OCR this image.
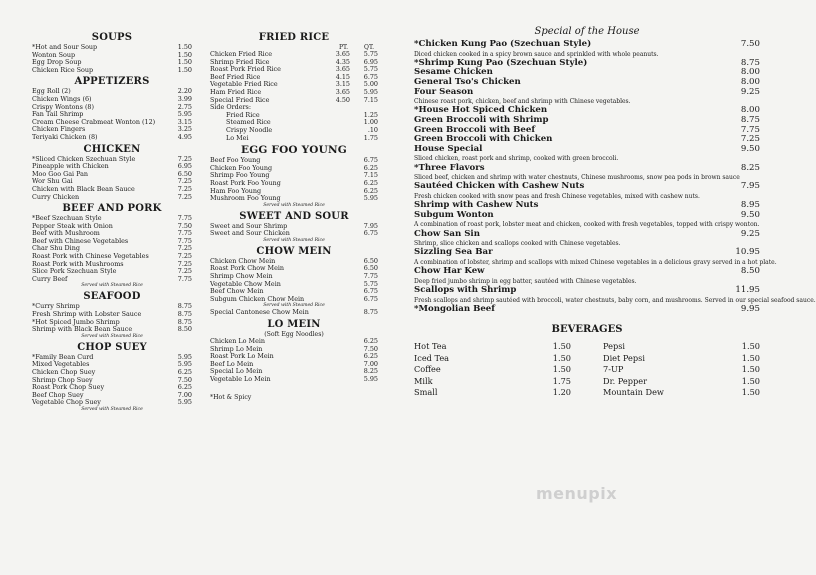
SOUPS
*Hot and Sour Soup	1.50
Wonton Soup	1.50
Egg Drop Soup	1.50
Chicken Rice Soup	1.50
APPETIZERS
Egg Roll (2)	2.20
Chicken Wings (6)	3.99
Crispy Wontons (8)	2.75
Fan Tail Shrimp	5.95
Cream Cheese Crabmeat Wonton (12)	3.15
Chicken Fingers	3.25
Teriyaki Chicken (8)	4.95
CHICKEN
*Sliced Chicken Szechuan Style	7.25
Pineapple with Chicken	6.95
Moo Goo Gai Pan	6.50
Wor Shu Gai	7.25
Chicken with Black Bean Sauce	7.25
Curry Chicken	7.25
BEEF AND PORK
*Beef Szechuan Style	7.75
Pepper Steak with Onion	7.50
Beef with Mushroom	7.75
Beef with Chinese Vegetables	7.75
Char Shu Ding	7.25
Roast Pork with Chinese Vegetables	7.25
Roast Pork with Mushrooms	7.25
Slice Pork Szechuan Style	7.25
Curry Beef	7.75
Served with Steamed Rice
SEAFOOD
*Curry Shrimp	8.75
Fresh Shrimp with Lobster Sauce	8.75
*Hot Spiced Jumbo Shrimp	8.75
Shrimp with Black Bean Sauce	8.50
Served with Steamed Rice
CHOP SUEY
*Family Bean Curd	5.95
Mixed Vegetables	5.95
Chicken Chop Suey	6.25
Shrimp Chop Suey	7.50
Roast Pork Chop Suey	6.25
Beef Chop Suey	7.00
Vegetable Chop Suey	5.95
Served with Steamed Rice
FRIED RICE
PT.	QT.
Chicken Fried Rice	3.65	5.75
Shrimp Fried Rice	4.35	6.95
Roast Pork Fried Rice	3.65	5.75
Beef Fried Rice	4.15	6.75
Vegetable Fried Rice	3.15	5.00
Ham Fried Rice	3.65	5.95
Special Fried Rice	4.50	7.15
Side Orders:
Fried Rice	1.25
Steamed Rice	1.00
Crispy Noodle	.10
Lo Mei	1.75
EGG FOO YOUNG
Beef Foo Young	6.75
Chicken Foo Young	6.25
Shrimp Foo Young	7.15
Roast Pork Foo Young	6.25
Ham Foo Young	6.25
Mushroom Foo Young	5.95
Served with Steamed Rice
SWEET AND SOUR
Sweet and Sour Shrimp	7.95
Sweet and Sour Chicken	6.75
Served with Steamed Rice
CHOW MEIN
Chicken Chow Mein	6.50
Roast Pork Chow Mein	6.50
Shrimp Chow Mein	7.75
Vegetable Chow Mein	5.75
Beef Chow Mein	6.75
Subgum Chicken Chow Mein	6.75
Served with Steamed Rice
Special Cantonese Chow Mein	8.75
LO MEIN
(Soft Egg Noodles)
Chicken Lo Mein	6.25
Shrimp Lo Mein	7.50
Roast Pork Lo Mein	6.25
Beef Lo Mein	7.00
Special Lo Mein	8.25
Vegetable Lo Mein	5.95
*Hot & Spicy
Special of the House
*Chicken Kung Pao (Szechuan Style)	7.50
Diced chicken cooked in a spicy brown sauce and sprinkled with whole peanuts.
*Shrimp Kung Pao (Szechuan Style)	8.75
Sesame Chicken	8.00
General Tso's Chicken	8.00
Four Season	9.25
Chinese roast pork, chicken, beef and shrimp with Chinese vegetables.
*House Hot Spiced Chicken	8.00
Green Broccoli with Shrimp	8.75
Green Broccoli with Beef	7.75
Green Broccoli with Chicken	7.25
House Special	9.50
Sliced chicken, roast pork and shrimp, cooked with green broccoli.
*Three Flavors	8.25
Sliced beef, chicken and shrimp with water chestnuts, Chinese mushrooms, snow pea pods in brown sauce
Sautéed Chicken with Cashew Nuts	7.95
Fresh chicken cooked with snow peas and fresh Chinese vegetables, mixed with cashew nuts.
Shrimp with Cashew Nuts	8.95
Subgum Wonton	9.50
A combination of roast pork, lobster meat and chicken, cooked with fresh vegetables, topped with crispy wonton.
Chow San Sin	9.25
Shrimp, slice chicken and scallops cooked with Chinese vegetables.
Sizzling Sea Bar	10.95
A combination of lobster, shrimp and scallops with mixed Chinese vegetables in a delicious gravy served in a hot plate.
Chow Har Kew	8.50
Deep fried jumbo shrimp in egg batter, sautéed with Chinese vegetables.
Scallops with Shrimp	11.95
Fresh scallops and shrimp sautéed with broccoli, water chestnuts, baby corn, and mushrooms. Served in our special seafood sauce.
*Mongolian Beef	9.95
BEVERAGES
Hot Tea	1.50
Iced Tea	1.50
Coffee	1.50
Milk	1.75
Small	1.20
Pepsi	1.50
Diet Pepsi	1.50
7-UP	1.50
Dr. Pepper	1.50
Mountain Dew	1.50
menupix
